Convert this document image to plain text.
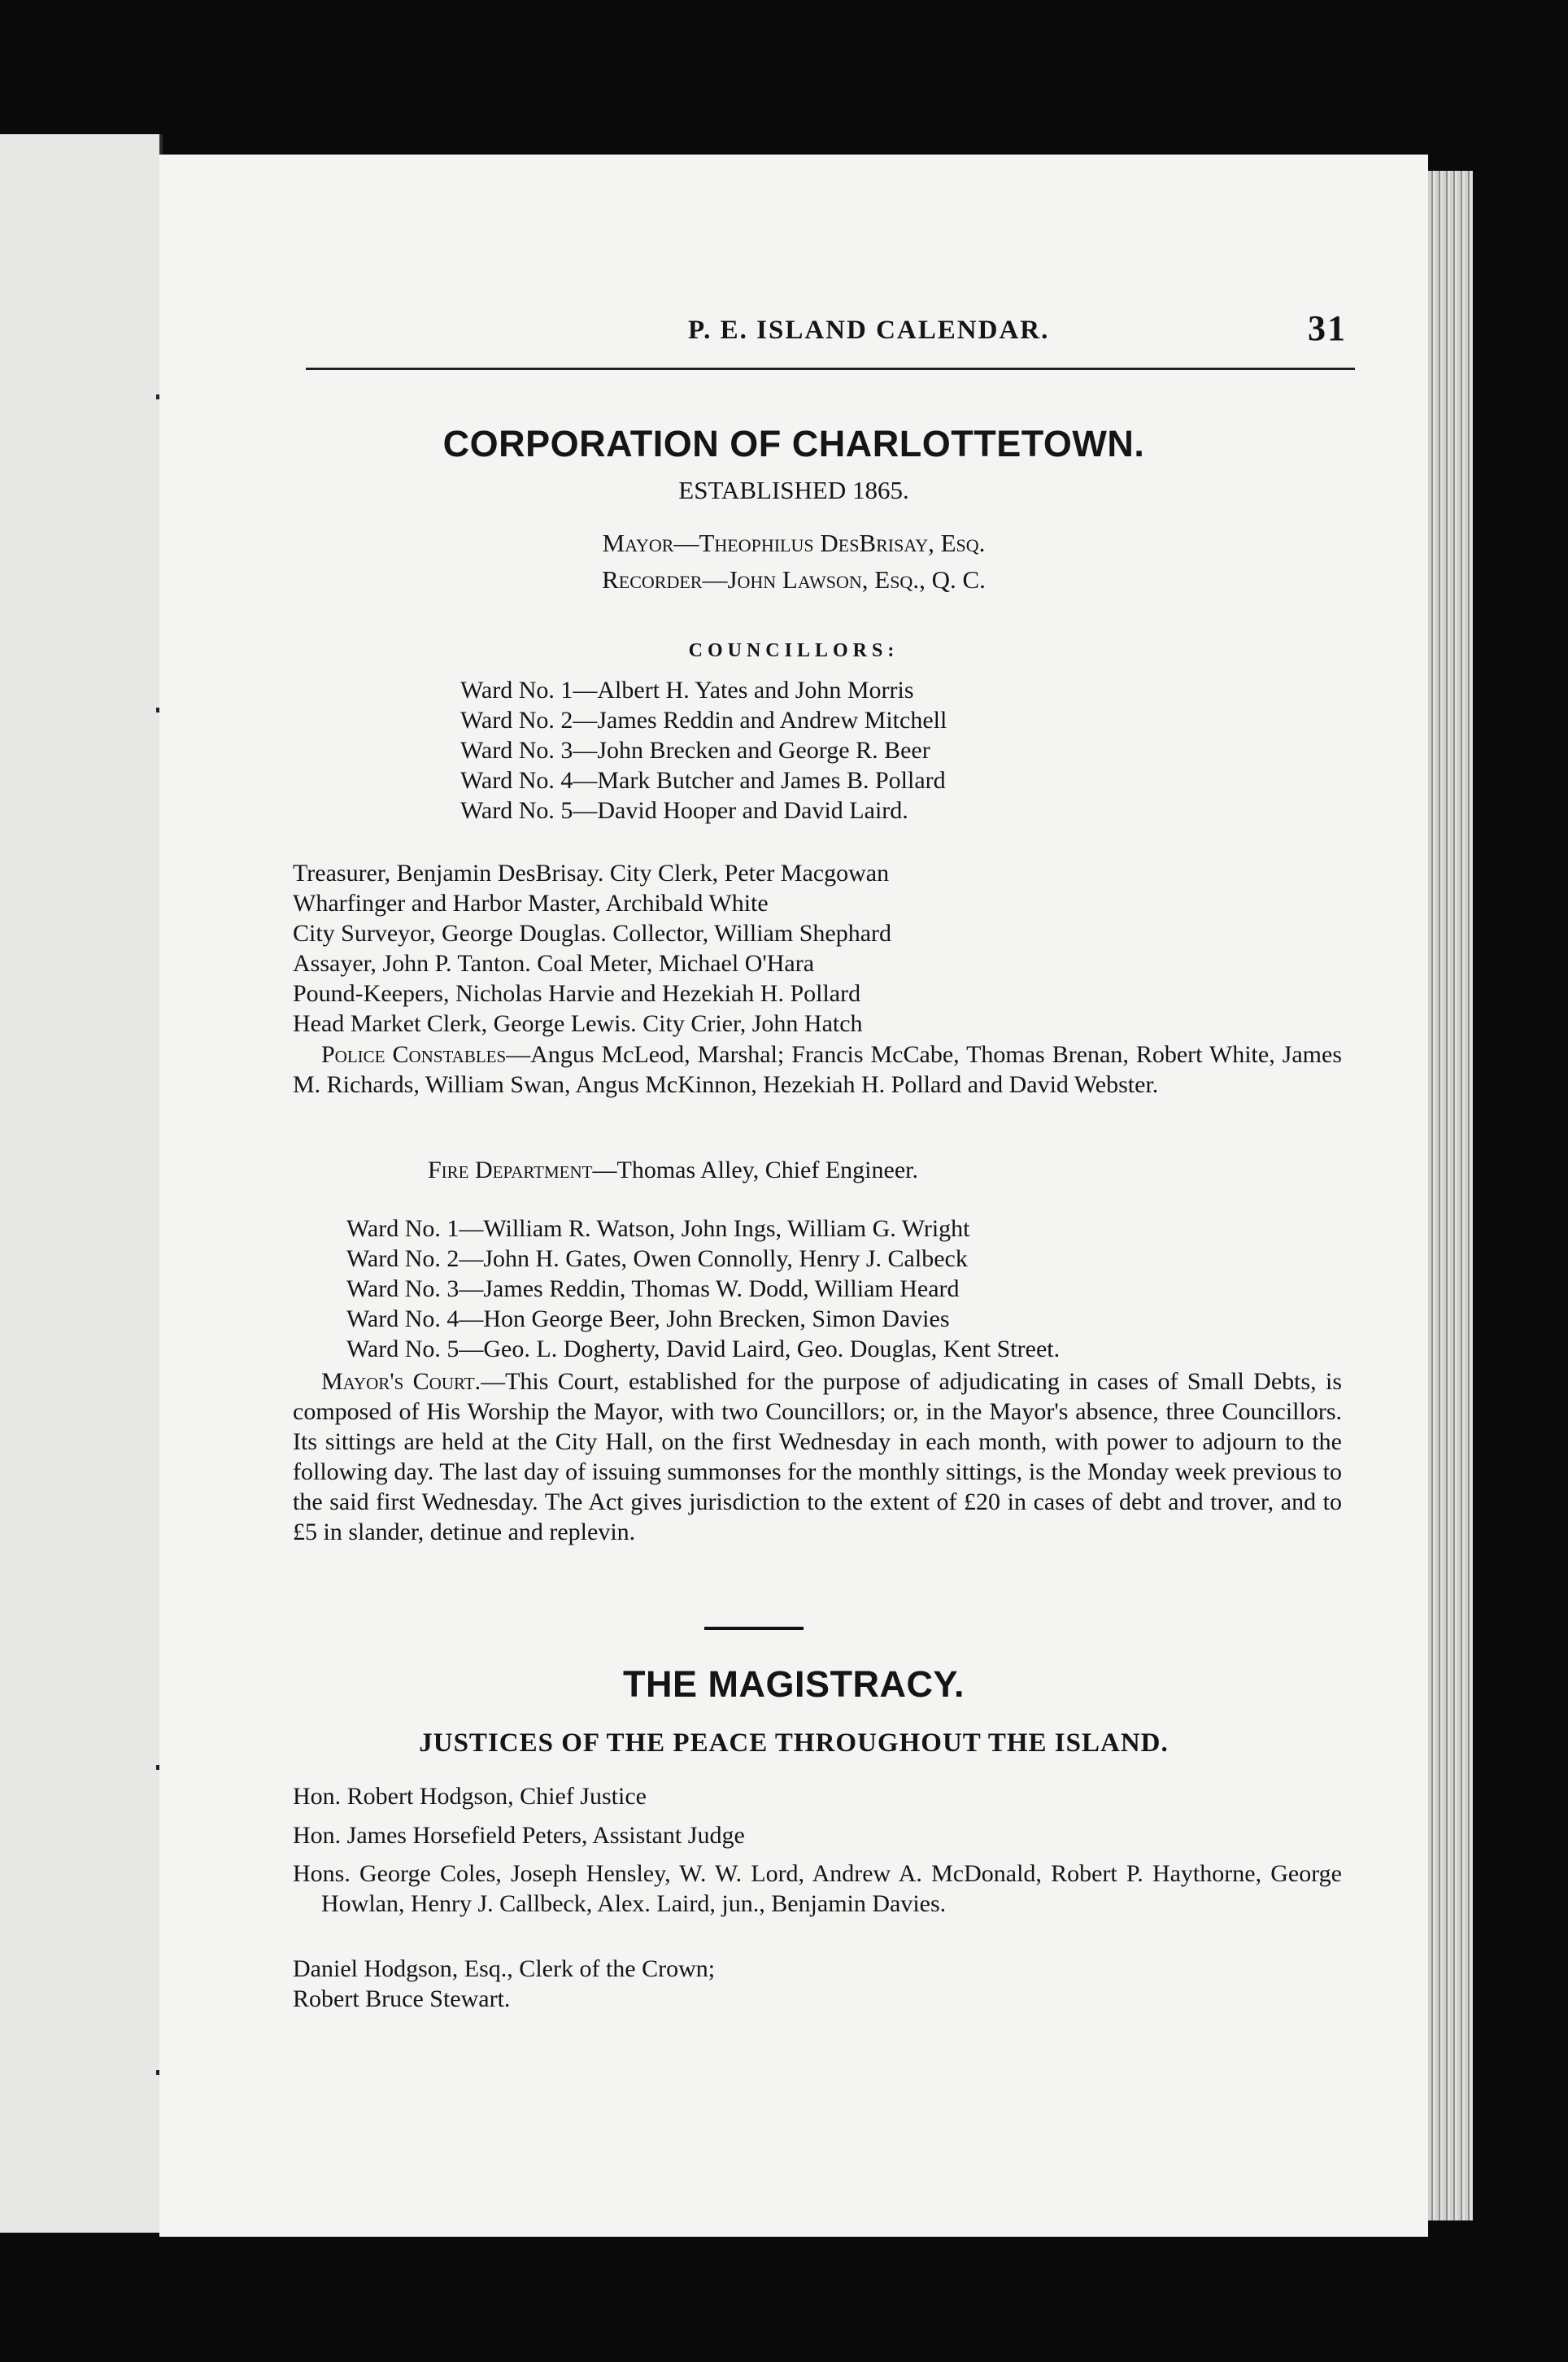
P. E. ISLAND CALENDAR.	31
CORPORATION OF CHARLOTTETOWN.
ESTABLISHED 1865.
Mayor—Theophilus DesBrisay, Esq.
Recorder—John Lawson, Esq., Q. C.
COUNCILLORS:
Ward No. 1—Albert H. Yates and John Morris
Ward No. 2—James Reddin and Andrew Mitchell
Ward No. 3—John Brecken and George R. Beer
Ward No. 4—Mark Butcher and James B. Pollard
Ward No. 5—David Hooper and David Laird.
Treasurer, Benjamin DesBrisay. City Clerk, Peter Macgowan
Wharfinger and Harbor Master, Archibald White
City Surveyor, George Douglas. Collector, William Shephard
Assayer, John P. Tanton. Coal Meter, Michael O'Hara
Pound-Keepers, Nicholas Harvie and Hezekiah H. Pollard
Head Market Clerk, George Lewis. City Crier, John Hatch
Police Constables—Angus McLeod, Marshal; Francis McCabe, Thomas Brenan, Robert White, James M. Richards, William Swan, Angus McKinnon, Hezekiah H. Pollard and David Webster.
Fire Department—Thomas Alley, Chief Engineer.
Ward No. 1—William R. Watson, John Ings, William G. Wright
Ward No. 2—John H. Gates, Owen Connolly, Henry J. Calbeck
Ward No. 3—James Reddin, Thomas W. Dodd, William Heard
Ward No. 4—Hon George Beer, John Brecken, Simon Davies
Ward No. 5—Geo. L. Dogherty, David Laird, Geo. Douglas, Kent Street.
Mayor's Court.—This Court, established for the purpose of adjudicating in cases of Small Debts, is composed of His Worship the Mayor, with two Councillors; or, in the Mayor's absence, three Councillors. Its sittings are held at the City Hall, on the first Wednesday in each month, with power to adjourn to the following day. The last day of issuing summonses for the monthly sittings, is the Monday week previous to the said first Wednesday. The Act gives jurisdiction to the extent of £20 in cases of debt and trover, and to £5 in slander, detinue and replevin.
THE MAGISTRACY.
JUSTICES OF THE PEACE THROUGHOUT THE ISLAND.
Hon. Robert Hodgson, Chief Justice
Hon. James Horsefield Peters, Assistant Judge
Hons. George Coles, Joseph Hensley, W. W. Lord, Andrew A. McDonald, Robert P. Haythorne, George Howlan, Henry J. Callbeck, Alex. Laird, jun., Benjamin Davies.
Daniel Hodgson, Esq., Clerk of the Crown;
Robert Bruce Stewart.
